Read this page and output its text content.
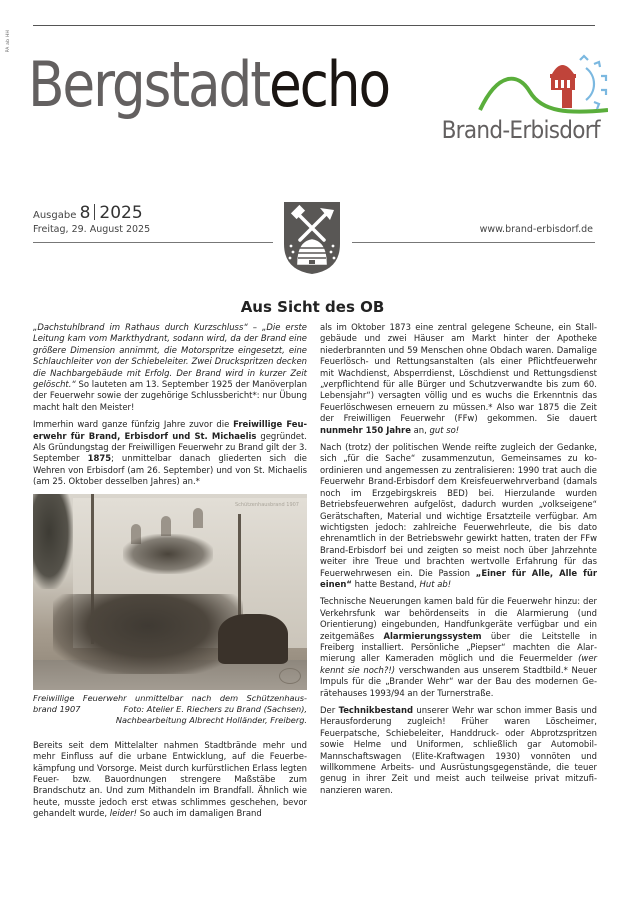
PA ab HH
Bergstadtecho
Brand-Erbisdorf
Ausgabe 8 2025
Freitag, 29. August 2025	www.brand-erbisdorf.de
Aus Sicht des OB

„Dachstuhlbrand im Rathaus durch Kurzschluss“ – „Die erste Leitung kam vom Markthydrant, sodann wird, da der Brand eine größere Dimension annimmt, die Motorspritze eingesetzt, eine Schlauchleiter von der Schiebeleiter. Zwei Druckspritzen decken die Nachbargebäude mit Erfolg. Der Brand wird in kurzer Zeit gelöscht.“ So lauteten am 13. September 1925 der Manöverplan der Feuerwehr sowie der zugehörige Schlussbericht*: nur Übung macht halt den Meister!

Immerhin ward ganze fünfzig Jahre zuvor die Freiwillige Feuerwehr für Brand, Erbisdorf und St. Michaelis gegründet. Als Gründungstag der Freiwilligen Feuerwehr zu Brand gilt der 3. September 1875; unmittelbar danach gliederten sich die Wehren von Erbisdorf (am 26. September) und von St. Michaelis (am 25. Oktober desselben Jahres) an.*

Schützenhausbrand 1907
Freiwillige Feuerwehr unmittelbar nach dem Schützenhaus-
brand 1907	Foto: Atelier E. Riechers zu Brand (Sachsen),
Nachbearbeitung Albrecht Holländer, Freiberg.

Bereits seit dem Mittelalter nahmen Stadtbrände mehr und mehr Einfluss auf die urbane Entwicklung, auf die Feuerbekämpfung und Vorsorge. Meist durch kurfürstlichen Erlass legten Feuer- bzw. Bauordnungen strengere Maßstäbe zum Brandschutz an. Und zum Mithandeln im Brandfall. Ähnlich wie heute, musste jedoch erst etwas schlimmes geschehen, bevor gehandelt wurde, leider! So auch im damaligen Brand

als im Oktober 1873 eine zentral gelegene Scheune, ein Stallgebäude und zwei Häuser am Markt hinter der Apotheke niederbrannten und 59 Menschen ohne Obdach waren. Damalige Feuerlösch- und Rettungsanstalten (als einer Pflichtfeuerwehr mit Wachdienst, Absperrdienst, Löschdienst und Rettungsdienst „verpflichtend für alle Bürger und Schutzverwandte bis zum 60. Lebensjahr“) versagten völlig und es wuchs die Erkenntnis das Feuerlöschwesen erneuern zu müssen.* Also war 1875 die Zeit der Freiwilligen Feuerwehr (FFw) gekommen. Sie dauert nunmehr 150 Jahre an, gut so!

Nach (trotz) der politischen Wende reifte zugleich der Gedanke, sich „für die Sache“ zusammenzutun, Gemeinsames zu koordinieren und angemessen zu zentralisieren: 1990 trat auch die Feuerwehr Brand-Erbisdorf dem Kreisfeuerwehrverband (damals noch im Erzgebirgskreis BED) bei. Hierzulande wurden Betriebsfeuerwehren aufgelöst, dadurch wurden „volkseigene“ Gerätschaften, Material und wichtige Ersatzteile verfügbar. Am wichtigsten jedoch: zahlreiche Feuerwehrleute, die bis dato ehrenamtlich in der Betriebswehr gewirkt hatten, traten der FFw Brand-Erbisdorf bei und zeigten so meist noch über Jahrzehnte weiter ihre Treue und brachten wertvolle Erfahrung für das Feuerwehrwesen ein. Die Passion „Einer für Alle, Alle für einen“ hatte Bestand, Hut ab!

Technische Neuerungen kamen bald für die Feuerwehr hinzu: der Verkehrsfunk war behördenseits in die Alarmierung (und Orientierung) eingebunden, Handfunkgeräte verfügbar und ein zeitgemäßes Alarmierungssystem über die Leitstelle in Freiberg installiert. Persönliche „Piepser“ machten die Alarmierung aller Kameraden möglich und die Feuermelder (wer kennt sie noch?!) verschwanden aus unserem Stadtbild.* Neuer Impuls für die „Brander Wehr“ war der Bau des modernen Gerätehauses 1993/94 an der Turnerstraße.

Der Technikbestand unserer Wehr war schon immer Basis und Herausforderung zugleich! Früher waren Löscheimer, Feuerpatsche, Schiebeleiter, Handdruck- oder Abprotzspritzen sowie Helme und Uniformen, schließlich gar Automobil-Mannschaftswagen (Elite-Kraftwagen 1930) vonnöten und willkommene Arbeits- und Ausrüstungsgegenstände, die teuer genug in ihrer Zeit und meist auch teilweise privat mitzufinanzieren waren.
